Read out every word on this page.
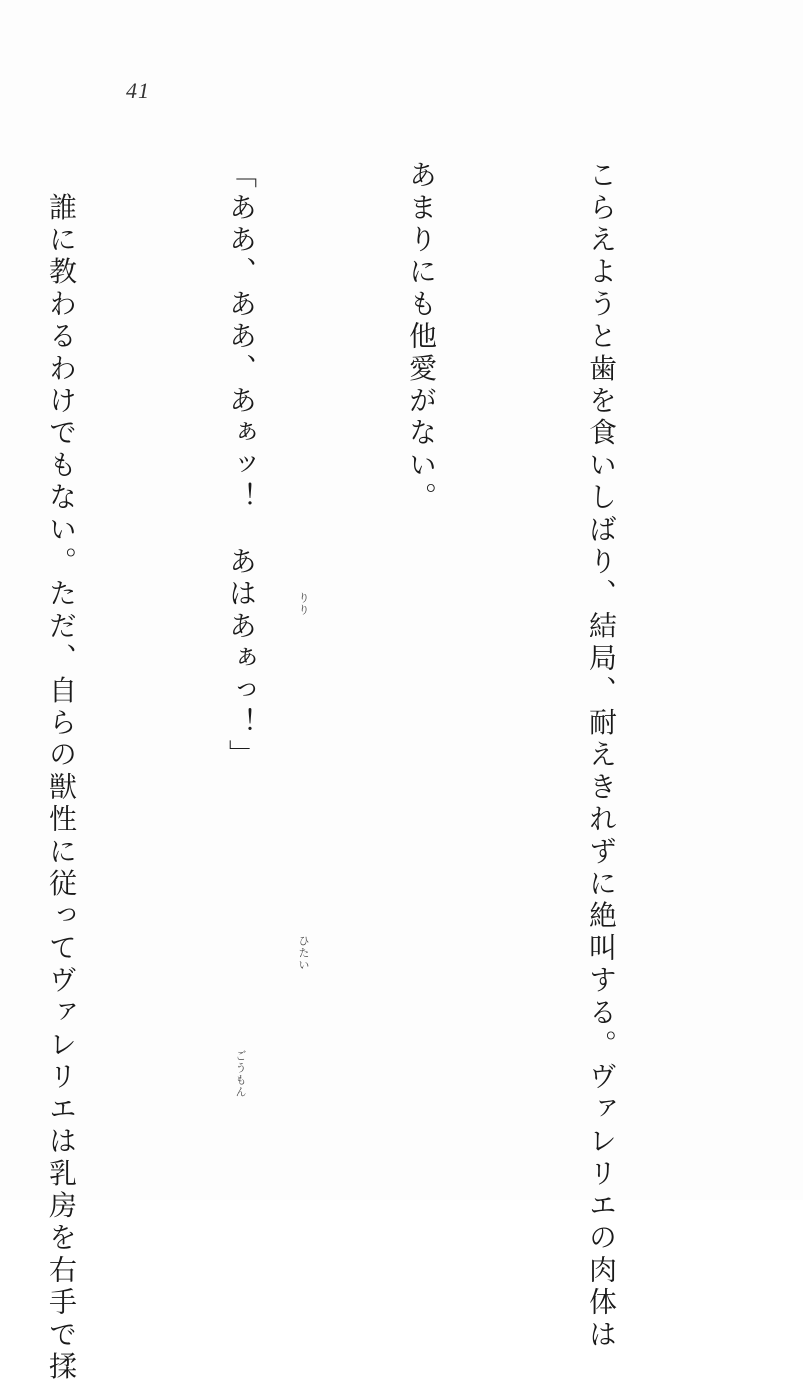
41

こらえようと歯を食いしばり、結局、耐えきれずに絶叫する。ヴァレリエの肉体は

あまりにも他愛がない。

「ああ、ああ、あぁッ！　あはあぁっ！」

　誰に教わるわけでもない。ただ、自らの獣性に従ってヴァレリエは乳房を右手で揉

	りり
ひたい
ごうもん
